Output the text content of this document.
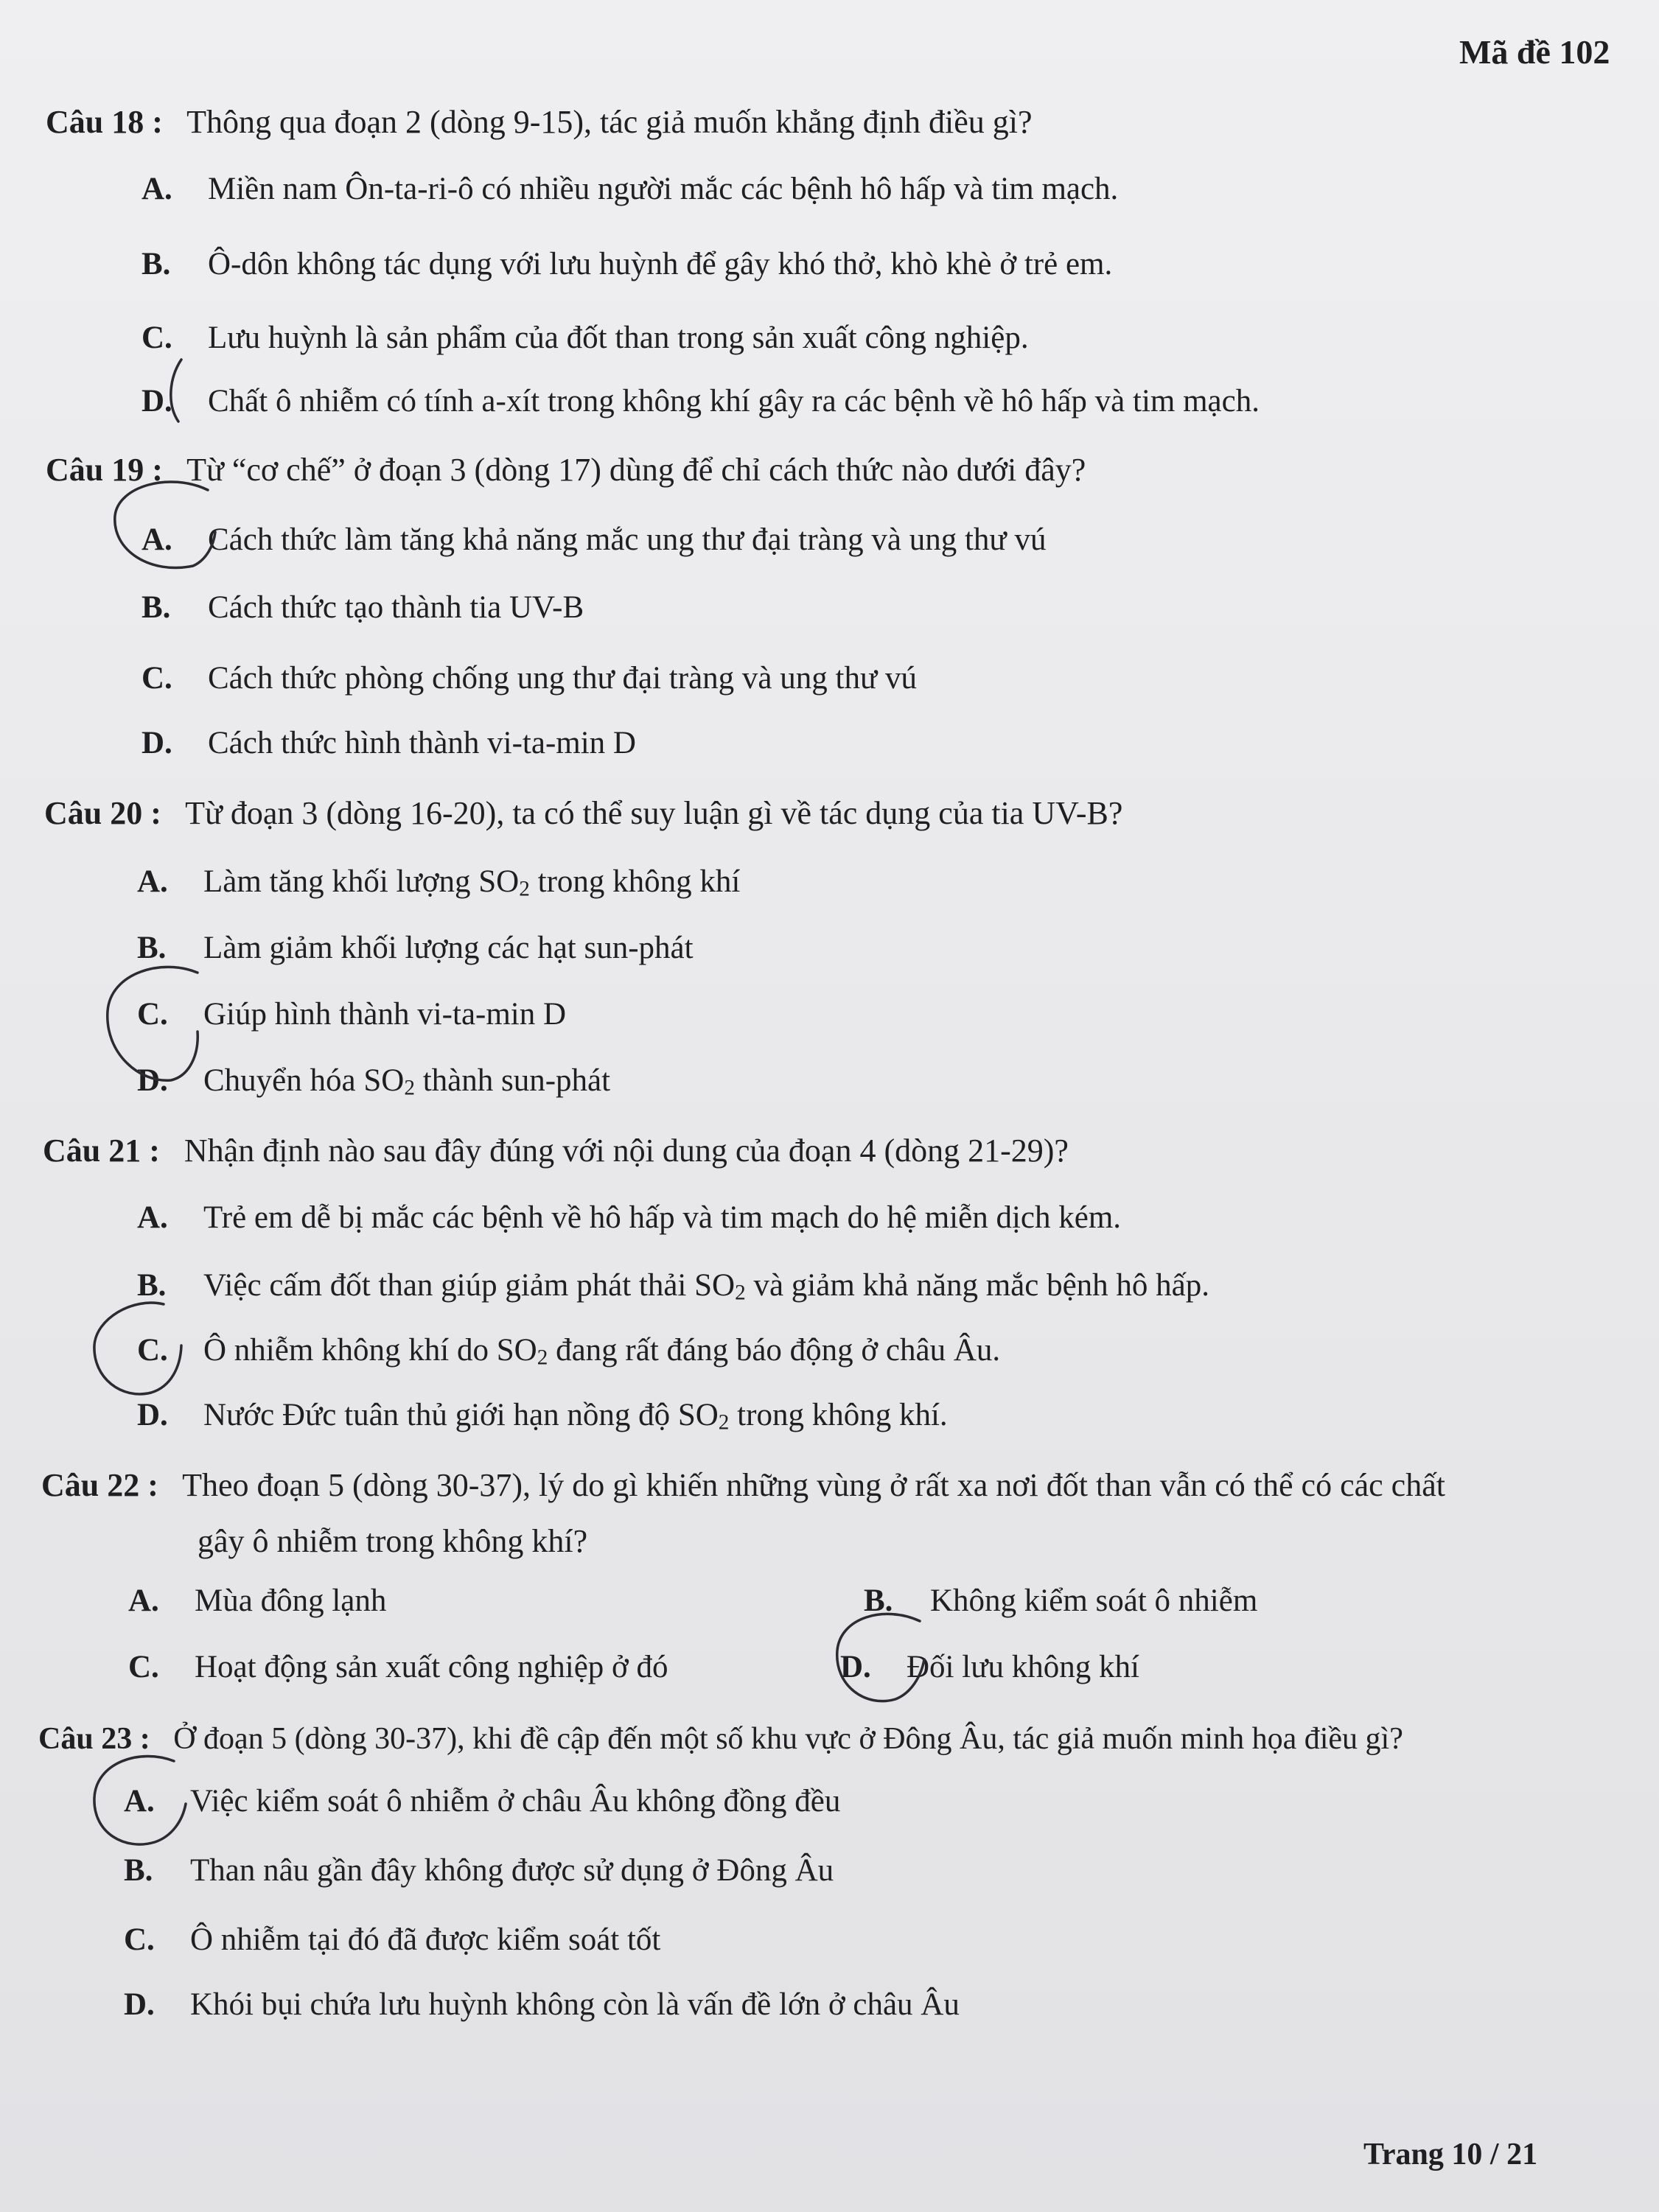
Mã đề 102
Câu 18 : Thông qua đoạn 2 (dòng 9-15), tác giả muốn khẳng định điều gì?
A. Miền nam Ôn-ta-ri-ô có nhiều người mắc các bệnh hô hấp và tim mạch.
B. Ô-dôn không tác dụng với lưu huỳnh để gây khó thở, khò khè ở trẻ em.
C. Lưu huỳnh là sản phẩm của đốt than trong sản xuất công nghiệp.
D. Chất ô nhiễm có tính a-xít trong không khí gây ra các bệnh về hô hấp và tim mạch.
Câu 19 : Từ “cơ chế” ở đoạn 3 (dòng 17) dùng để chỉ cách thức nào dưới đây?
A. Cách thức làm tăng khả năng mắc ung thư đại tràng và ung thư vú
B. Cách thức tạo thành tia UV-B
C. Cách thức phòng chống ung thư đại tràng và ung thư vú
D. Cách thức hình thành vi-ta-min D
Câu 20 : Từ đoạn 3 (dòng 16-20), ta có thể suy luận gì về tác dụng của tia UV-B?
A. Làm tăng khối lượng $SO_2$ trong không khí
B. Làm giảm khối lượng các hạt sun-phát
C. Giúp hình thành vi-ta-min D
D. Chuyển hóa $SO_2$ thành sun-phát
Câu 21 : Nhận định nào sau đây đúng với nội dung của đoạn 4 (dòng 21-29)?
A. Trẻ em dễ bị mắc các bệnh về hô hấp và tim mạch do hệ miễn dịch kém.
B. Việc cấm đốt than giúp giảm phát thải $SO_2$ và giảm khả năng mắc bệnh hô hấp.
C. Ô nhiễm không khí do $SO_2$ đang rất đáng báo động ở châu Âu.
D. Nước Đức tuân thủ giới hạn nồng độ $SO_2$ trong không khí.
Câu 22 : Theo đoạn 5 (dòng 30-37), lý do gì khiến những vùng ở rất xa nơi đốt than vẫn có thể có các chất
gây ô nhiễm trong không khí?
A. Mùa đông lạnh	B. Không kiểm soát ô nhiễm
C. Hoạt động sản xuất công nghiệp ở đó	D. Đối lưu không khí
Câu 23 : Ở đoạn 5 (dòng 30-37), khi đề cập đến một số khu vực ở Đông Âu, tác giả muốn minh họa điều gì?
A. Việc kiểm soát ô nhiễm ở châu Âu không đồng đều
B. Than nâu gần đây không được sử dụng ở Đông Âu
C. Ô nhiễm tại đó đã được kiểm soát tốt
D. Khói bụi chứa lưu huỳnh không còn là vấn đề lớn ở châu Âu
Trang 10 / 21
